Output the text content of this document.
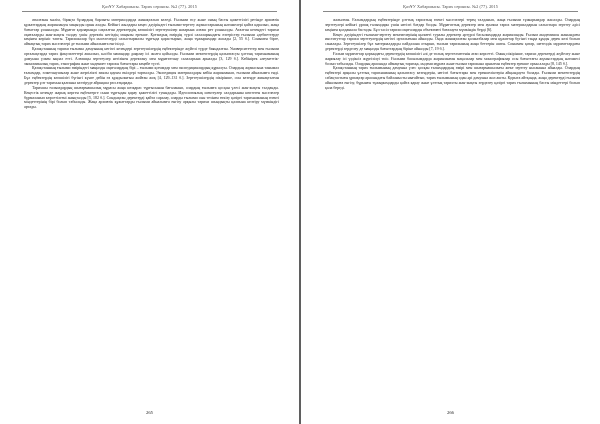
ҚазҰУ Хабаршысы. Тарих сериясы. №2 (77). 2015

атылғаны мәлім, бірақта бұлардың барлығы материалдарда жинақталып келеді. Ғылыми өсу және оның басты қажеттілігі ретінде архивтік құжаттардың жариялануы маңызды орын алады. Кейінгі жылдары кеңес дәуіріндегі ғылыми-зерттеу жұмыстарының нәтижелері қайта қаралып, жаңа бағыттар ұсынылды. Мұрағат қорларында сақталған деректердің көпшілігі зерттеушілер назарына алғаш рет ұсынылды. Аталған кезеңдегі тарихи оқиғаларды жан-жақты талдау үшін деректік негіздің маңызы ерекше. Қоғамдық өмірдің түрлі салаларындағы өзгерістер ғылыми әдебиеттерде кеңінен көрініс тапты. Тарихшылар бұл мәселелерді салыстырмалы тұрғыда қарастырып, жаңа тұжырымдар жасады [2, 55 б.]. Сонымен бірге, аймақтық тарих мәселелері де ғылыми айналымға енгізілді.

Қазақстанның тарихи ғылымы дамуының негізгі кезеңдері зерттеушілердің еңбектерінде жүйелі түрде баяндалған. Университеттер мен ғылыми орталықтарда тарих факультеттері ашылып, кәсіби мамандар даярлау ісі жолға қойылды. Ғылыми мектептердің қалыптасуы ұлттық тарихнаманың дамуына үлкен ықпал етті. Алғашқы зерттеулер негізінен деректану мен мұрағаттану салаларына арналды [3, 129 б.]. Кейінірек әлеуметтік-экономикалық тарих, этнография және мәдениет тарихы бағыттары кеңейе түсті.

Қазақстанның ғылыми өміріндегі маңызды оқиғалардың бірі – ғылыми қоғамдар мен экспедициялардың құрылуы. Олардың жұмысына танымал ғалымдар, өлкетанушылар және жергілікті зиялы қауым өкілдері тартылды. Экспедиция материалдары кейін жарияланып, ғылыми айналымға енді. Бұл еңбектердің көпшілігі бүгінгі күнге дейін өз құндылығын жойған жоқ [4, 129–131 б.]. Зерттеушілердің пікірінше, осы кезеңде жинақталған деректер ұлт тарихын қалпына келтіруде айрықша рөл атқарады.

Тарихшы ғалымдардың шығармашылық мұрасы жаңа көзқарас тұрғысынан бағаланып, олардың ғылымға қосқан үлесі жан-жақты талданды. Кеңестік кезеңде жарық көрген еңбектерге сыни тұрғыдан қарау қажеттілігі туындады. Идеологиялық шектеулер салдарынан көптеген мәселелер бұрмаланып көрсетілгені анықталды [5, 182 б.]. Сондықтан деректерді қайта саралау, оларды ғылыми сын тезінен өткізу қазіргі тарихнаманың өзекті міндеттерінің бірі болып табылады. Жаңа архивтік құжаттарды ғылыми айналымға енгізу арқылы тарихи шындықты қалпына келтіру мүмкіндігі артады.

265
ҚазҰУ Хабаршысы. Тарих сериясы. №2 (77). 2015

жазылған. Ғалымдардың еңбектерінде ұлттық тарихтың өзекті мәселелері терең талданып, жаңа ғылыми тұжырымдар жасалды. Олардың зерттеулері кейінгі ұрпақ ғалымдары үшін негізгі бағдар болды. Мұрағаттық деректер мен ауызша тарих материалдарын салыстыра зерттеу әдісі кеңінен қолданыла бастады. Бұл тәсіл тарихи оқиғаларды объективті бағалауға мүмкіндік берді [6].

Кеңес дәуіріндегі ғылыми-зерттеу мекемелерінің қызметі туралы деректер әртүрлі басылымдарда жарияланды. Ғылым академиясы жанындағы институттар тарихи зерттеулердің негізгі орталығына айналды. Онда жинақталған қолжазбалар мен құжаттар бүгінгі таңда құнды дерек көзі болып саналады. Зерттеушілер бұл материалдарды пайдалана отырып, ғылым тарихының жаңа беттерін ашты. Сонымен қатар, шетелдік мұрағаттардағы деректерді зерделеу де маңызды бағыттардың біріне айналды [7, 19 б.].

Ғалым мұрағаттар қорындағы деректердің көпшілігі әлі де толық зерттелмегенін атап көрсетті. Оның пікірінше, тарихи деректерді жүйелеу және жариялау ісі үздіксіз жүргізілуі тиіс. Ғылыми басылымдарда жарияланған мақалалар мен монографиялар осы бағыттағы жұмыстардың нәтижесі болып табылады. Олардың арасында аймақтық тарихқа, мәдени мұраға және ғылым тарихына арналған еңбектер ерекше орын алады [8, 145 б.].

Қазақстанның тарих ғылымының дамуына үлес қосқан ғалымдардың өмірі мен шығармашылығы жеке зерттеу нысанына айналды. Олардың еңбектері арқылы ұлттық тарихнаманың қалыптасу кезеңдерін, негізгі бағыттары мен ерекшеліктерін айқындауға болады. Ғылыми мектептердің сабақтастығы ұрпақтар арасындағы байланысты нығайтып, тарих ғылымының одан әрі дамуына жол ашты. Қорыта айтқанда, жаңа деректерді ғылыми айналымға енгізу, бұрынғы тұжырымдарды қайта қарау және ұлттық тарихты жан-жақты зерделеу қазіргі тарих ғылымының басты міндеттері болып қала береді.

266
